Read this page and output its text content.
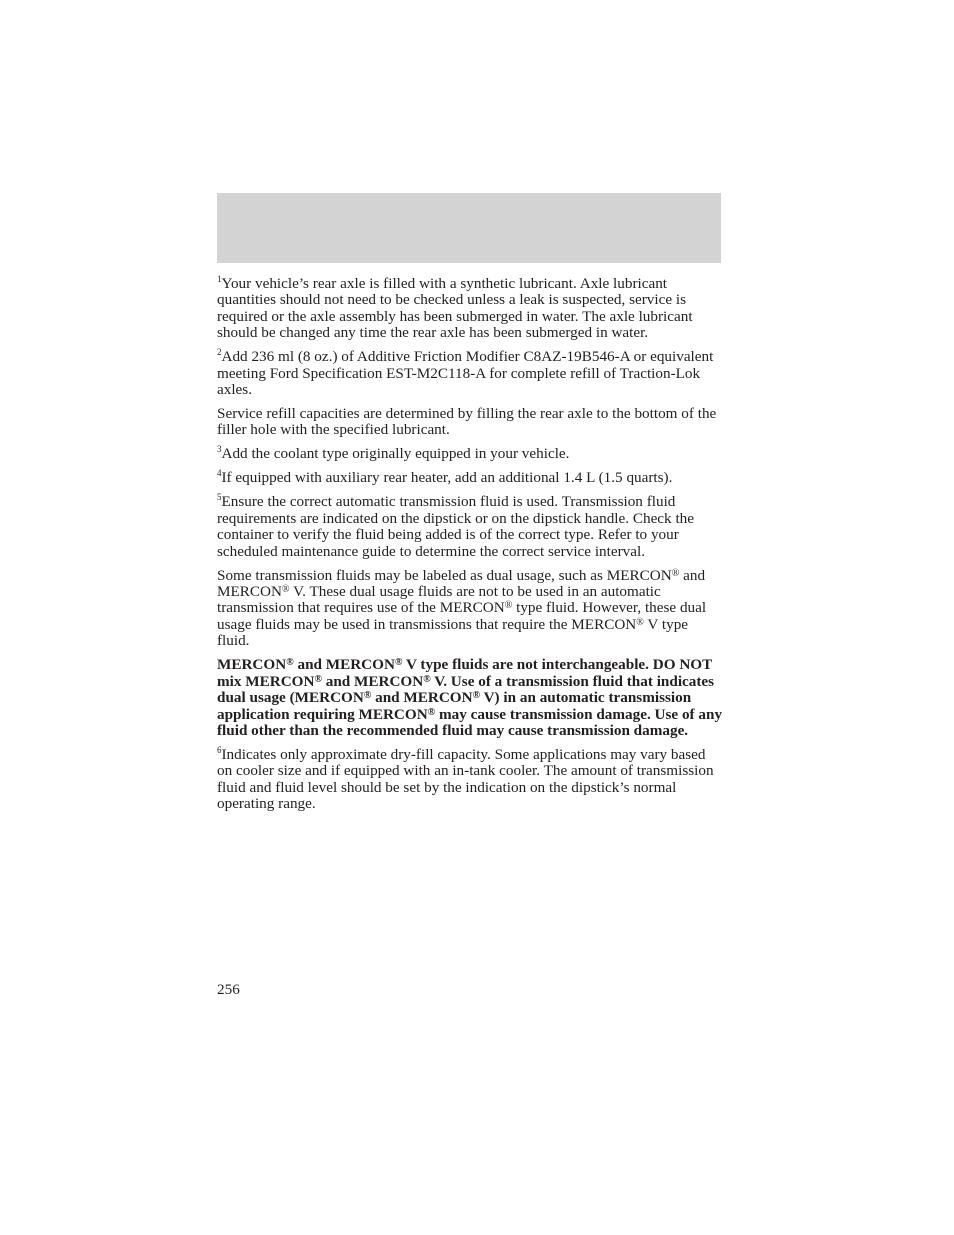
$^1$Your vehicle’s rear axle is filled with a synthetic lubricant. Axle lubricant quantities should not need to be checked unless a leak is suspected, service is required or the axle assembly has been submerged in water. The axle lubricant should be changed any time the rear axle has been submerged in water.

$^2$Add 236 ml (8 oz.) of Additive Friction Modifier C8AZ-19B546-A or equivalent meeting Ford Specification EST-M2C118-A for complete refill of Traction-Lok axles.

Service refill capacities are determined by filling the rear axle to the bottom of the filler hole with the specified lubricant.

$^3$Add the coolant type originally equipped in your vehicle.

$^4$If equipped with auxiliary rear heater, add an additional 1.4 L (1.5 quarts).

$^5$Ensure the correct automatic transmission fluid is used. Transmission fluid requirements are indicated on the dipstick or on the dipstick handle. Check the container to verify the fluid being added is of the correct type. Refer to your scheduled maintenance guide to determine the correct service interval.

Some transmission fluids may be labeled as dual usage, such as MERCON® and MERCON® V. These dual usage fluids are not to be used in an automatic transmission that requires use of the MERCON® type fluid. However, these dual usage fluids may be used in transmissions that require the MERCON® V type fluid.

MERCON® and MERCON® V type fluids are not interchangeable. DO NOT mix MERCON® and MERCON® V. Use of a transmission fluid that indicates dual usage (MERCON® and MERCON® V) in an automatic transmission application requiring MERCON® may cause transmission damage. Use of any fluid other than the recommended fluid may cause transmission damage.

$^6$Indicates only approximate dry-fill capacity. Some applications may vary based on cooler size and if equipped with an in-tank cooler. The amount of transmission fluid and fluid level should be set by the indication on the dipstick’s normal operating range.

256
